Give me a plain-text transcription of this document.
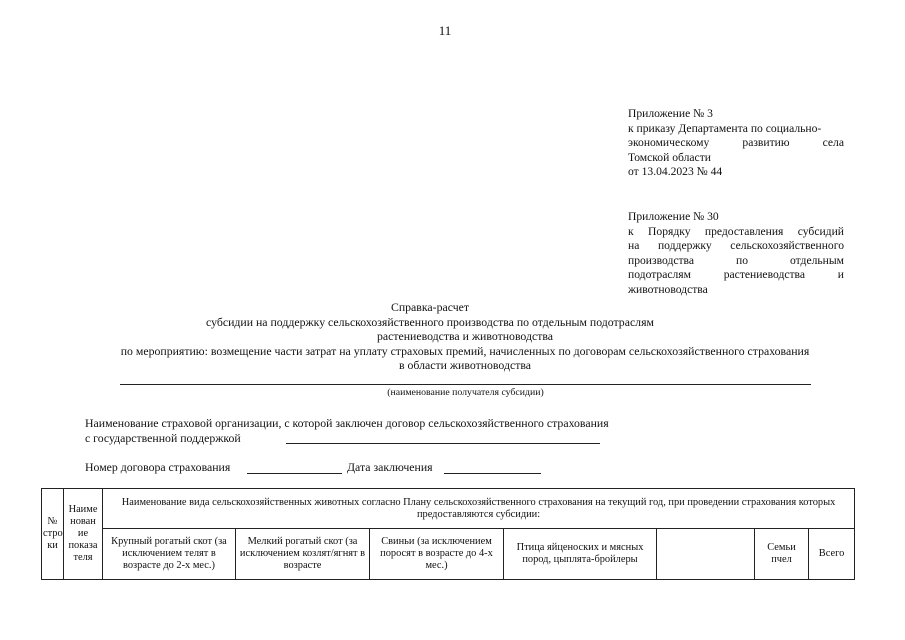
11
Приложение № 3
к приказу Департамента по социально-
экономическому развитию села
Томской области
от 13.04.2023 № 44
Приложение № 30
к Порядку предоставления субсидий
на поддержку сельскохозяйственного
производства по отдельным
подотраслям растениеводства и
животноводства
Справка-расчет
субсидии на поддержку сельскохозяйственного производства по отдельным подотраслям
растениеводства и животноводства
по мероприятию: возмещение части затрат на уплату страховых премий, начисленных по договорам сельскохозяйственного страхования
в области животноводства
(наименование получателя субсидии)
Наименование страховой организации, с которой заключен договор сельскохозяйственного страхования
с государственной поддержкой
Номер договора страхования	Дата заключения
№ стро ки	Наиме нован ие показа теля	Наименование вида сельскохозяйственных животных согласно Плану сельскохозяйственного страхования на текущий год, при проведении страхования которых предоставляются субсидии:						
		Крупный рогатый скот (за исключением телят в возрасте до 2-х мес.)	Мелкий рогатый скот (за исключением козлят/ягнят в возрасте	Свиньи (за исключением поросят в возрасте до 4-х мес.)	Птица яйценоских и мясных пород, цыплята-бройлеры		Семьи пчел	Всего
